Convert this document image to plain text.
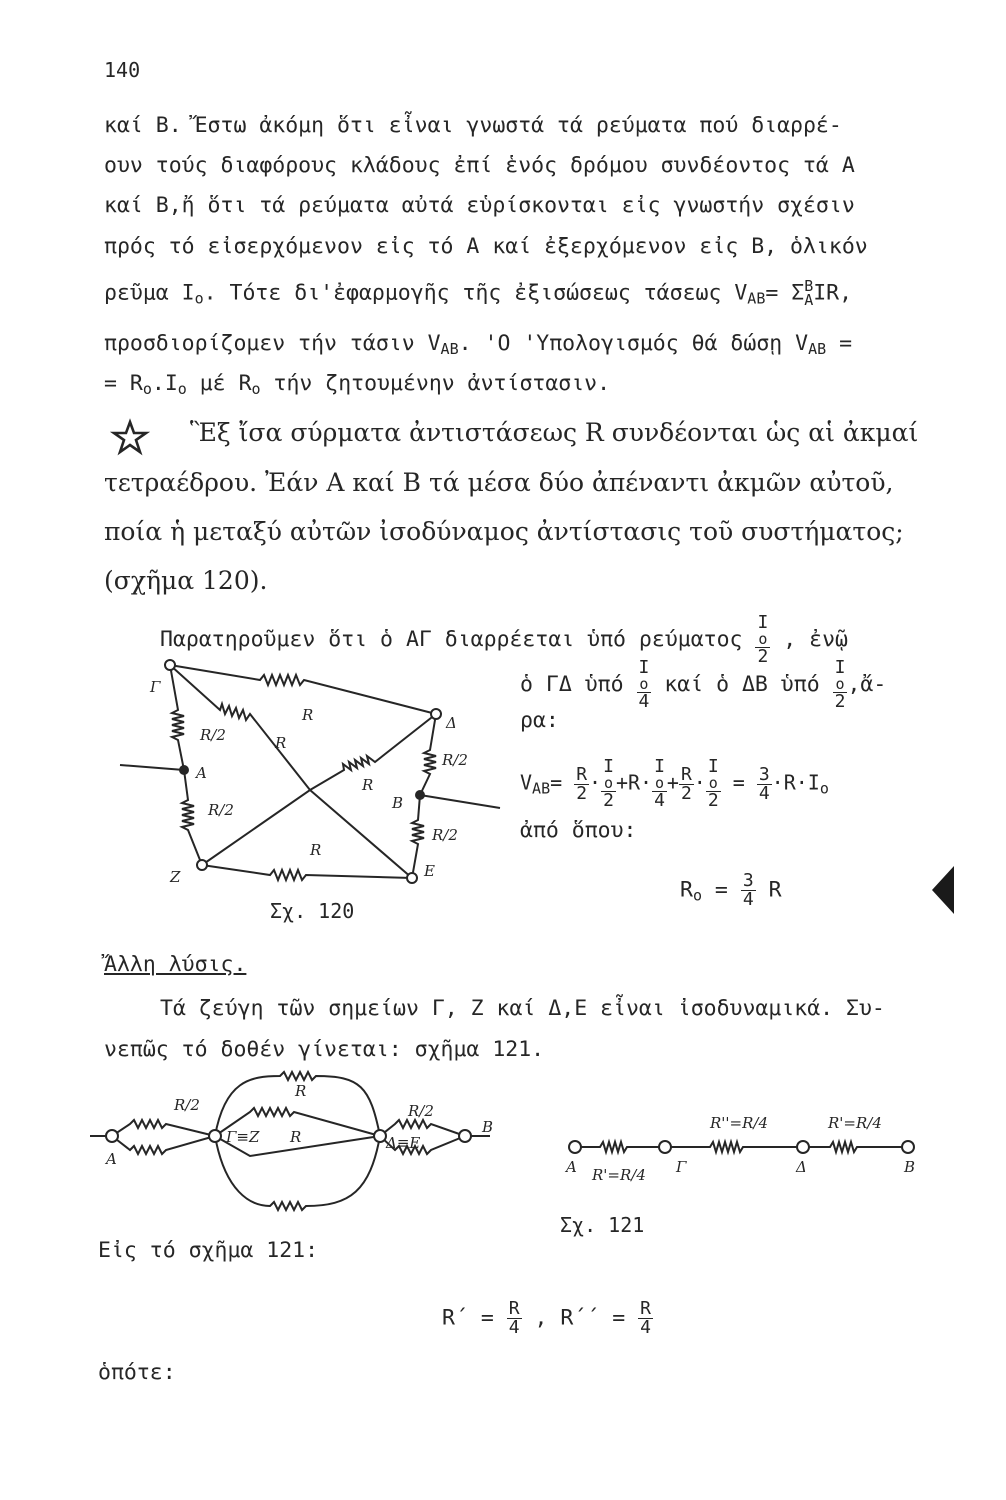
140
καί B. Ἔστω ἀκόμη ὅτι εἶναι γνωστά τά ρεύματα πού διαρρέ-
ουν τούς διαφόρους κλάδους ἐπί ἑνός δρόμου συνδέοντος τά A
καί B,ἤ ὅτι τά ρεύματα αὐτά εὑρίσκονται εἰς γνωστήν σχέσιν
πρός τό εἰσερχόμενον εἰς τό A καί ἐξερχόμενον εἰς B, ὁλικόν
ρεῦμα $I_o$. Τότε δι'ἐφαρμογῆς τῆς ἐξισώσεως τάσεως $V_{AB}= \Sigma$ B
A IR,
προσδιορίζομεν τήν τάσιν $V_{AB}$. 'Ο 'Υπολογισμός θά δώσῃ $V_{AB}$ =
= $R_o.I_o$ μέ $R_o$ τήν ζητουμένην ἀντίστασιν.
Ἓξ ἴσα σύρματα ἀντιστάσεως R συνδέονται ὡς αἱ ἀκμαί
τετραέδρου. Ἐάν A καί B τά μέσα δύο ἀπέναντι ἀκμῶν αὐτοῦ,
ποία ἡ μεταξύ αὐτῶν ἰσοδύναμος ἀντίστασις τοῦ συστήματος;
(σχῆμα 120).
Παρατηροῦμεν ὅτι ὁ AΓ διαρρέεται ὑπό ρεύματος I
o
2 , ἐνῷ
ὁ ΓΔ ὑπό I
o
4 καί ὁ ΔB ὑπό I
o
2 ,ἄ-
ρα:
$V_{AB}= \frac{R}{2} \cdot I$
o
2 +R· I
o
$4 + \frac{R}{2} \cdot I$
o
$2 = \frac{3}{4} \cdot R\cdot I_o$
ἀπό ὅπου:
$R_o = \frac{3}{4}$ R
Γ
Δ
Z	E
A
B
R
R
R
R
R/2
R/2
R/2
R/2
Σχ. 120
Ἄλλη λύσις.
Τά ζεύγη τῶν σημείων Γ, Z καί Δ,E εἶναι ἰσοδυναμικά. Συ-
νεπῶς τό δοθέν γίνεται: σχῆμα 121.
A
B
Γ≡Z	Δ≡E
R
R
R/2	R/2
A	Γ	Δ	B
R'=R/4
R''=R/4	R'=R/4
Σχ. 121
Εἰς τό σχῆμα 121:
$R΄ = \frac{R}{4}$ , $R΄΄ = \frac{R}{4}$
ὁπότε:
